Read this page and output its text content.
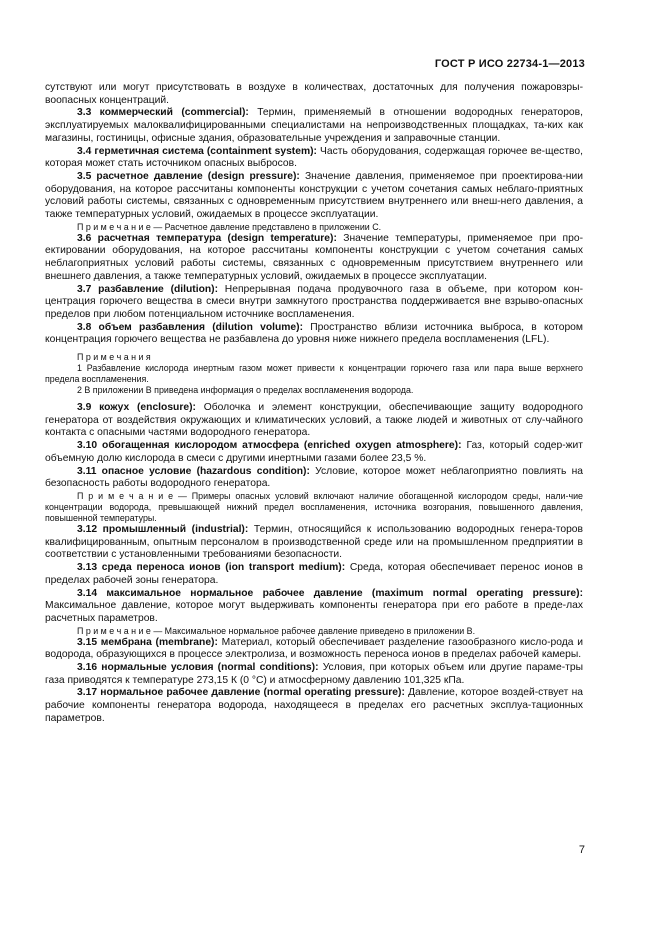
ГОСТ Р ИСО 22734-1—2013

сутствуют или могут присутствовать в воздухе в количествах, достаточных для получения пожаровзры-воопасных концентраций.

3.3 коммерческий (commercial): Термин, применяемый в отношении водородных генераторов, эксплуатируемых малоквалифицированными специалистами на непроизводственных площадках, та-ких как магазины, гостиницы, офисные здания, образовательные учреждения и заправочные станции.

3.4 герметичная система (containment system): Часть оборудования, содержащая горючее ве-щество, которая может стать источником опасных выбросов.

3.5 расчетное давление (design pressure): Значение давления, применяемое при проектирова-нии оборудования, на которое рассчитаны компоненты конструкции с учетом сочетания самых неблаго-приятных условий работы системы, связанных с одновременным присутствием внутреннего или внеш-него давления, а также температурных условий, ожидаемых в процессе эксплуатации.

П р и м е ч а н и е — Расчетное давление представлено в приложении С.

3.6 расчетная температура (design temperature): Значение температуры, применяемое при про-ектировании оборудования, на которое рассчитаны компоненты конструкции с учетом сочетания самых неблагоприятных условий работы системы, связанных с одновременным присутствием внутреннего или внешнего давления, а также температурных условий, ожидаемых в процессе эксплуатации.

3.7 разбавление (dilution): Непрерывная подача продувочного газа в объеме, при котором кон-центрация горючего вещества в смеси внутри замкнутого пространства поддерживается вне взрыво-опасных пределов при любом потенциальном источнике воспламенения.

3.8 объем разбавления (dilution volume): Пространство вблизи источника выброса, в котором концентрация горючего вещества не разбавлена до уровня ниже нижнего предела воспламенения (LFL).

П р и м е ч а н и я

1 Разбавление кислорода инертным газом может привести к концентрации горючего газа или пара выше верхнего предела воспламенения.

2 В приложении В приведена информация о пределах воспламенения водорода.

3.9 кожух (enclosure): Оболочка и элемент конструкции, обеспечивающие защиту водородного генератора от воздействия окружающих и климатических условий, а также людей и животных от слу-чайного контакта с опасными частями водородного генератора.

3.10 обогащенная кислородом атмосфера (enriched oxygen atmosphere): Газ, который содер-жит объемную долю кислорода в смеси с другими инертными газами более 23,5 %.

3.11 опасное условие (hazardous condition): Условие, которое может неблагоприятно повлиять на безопасность работы водородного генератора.

П р и м е ч а н и е — Примеры опасных условий включают наличие обогащенной кислородом среды, нали-чие концентрации водорода, превышающей нижний предел воспламенения, источника возгорания, повышенного давления, повышенной температуры.

3.12 промышленный (industrial): Термин, относящийся к использованию водородных генера-торов квалифицированным, опытным персоналом в производственной среде или на промышленном предприятии в соответствии с установленными требованиями безопасности.

3.13 среда переноса ионов (ion transport medium): Среда, которая обеспечивает перенос ионов в пределах рабочей зоны генератора.

3.14 максимальное нормальное рабочее давление (maximum normal operating pressure): Максимальное давление, которое могут выдерживать компоненты генератора при его работе в преде-лах расчетных параметров.

П р и м е ч а н и е — Максимальное нормальное рабочее давление приведено в приложении В.

3.15 мембрана (membrane): Материал, который обеспечивает разделение газообразного кисло-рода и водорода, образующихся в процессе электролиза, и возможность переноса ионов в пределах рабочей камеры.

3.16 нормальные условия (normal conditions): Условия, при которых объем или другие параме-тры газа приводятся к температуре 273,15 К (0 °С) и атмосферному давлению 101,325 кПа.

3.17 нормальное рабочее давление (normal operating pressure): Давление, которое воздей-ствует на рабочие компоненты генератора водорода, находящееся в пределах его расчетных эксплуа-тационных параметров.

7
